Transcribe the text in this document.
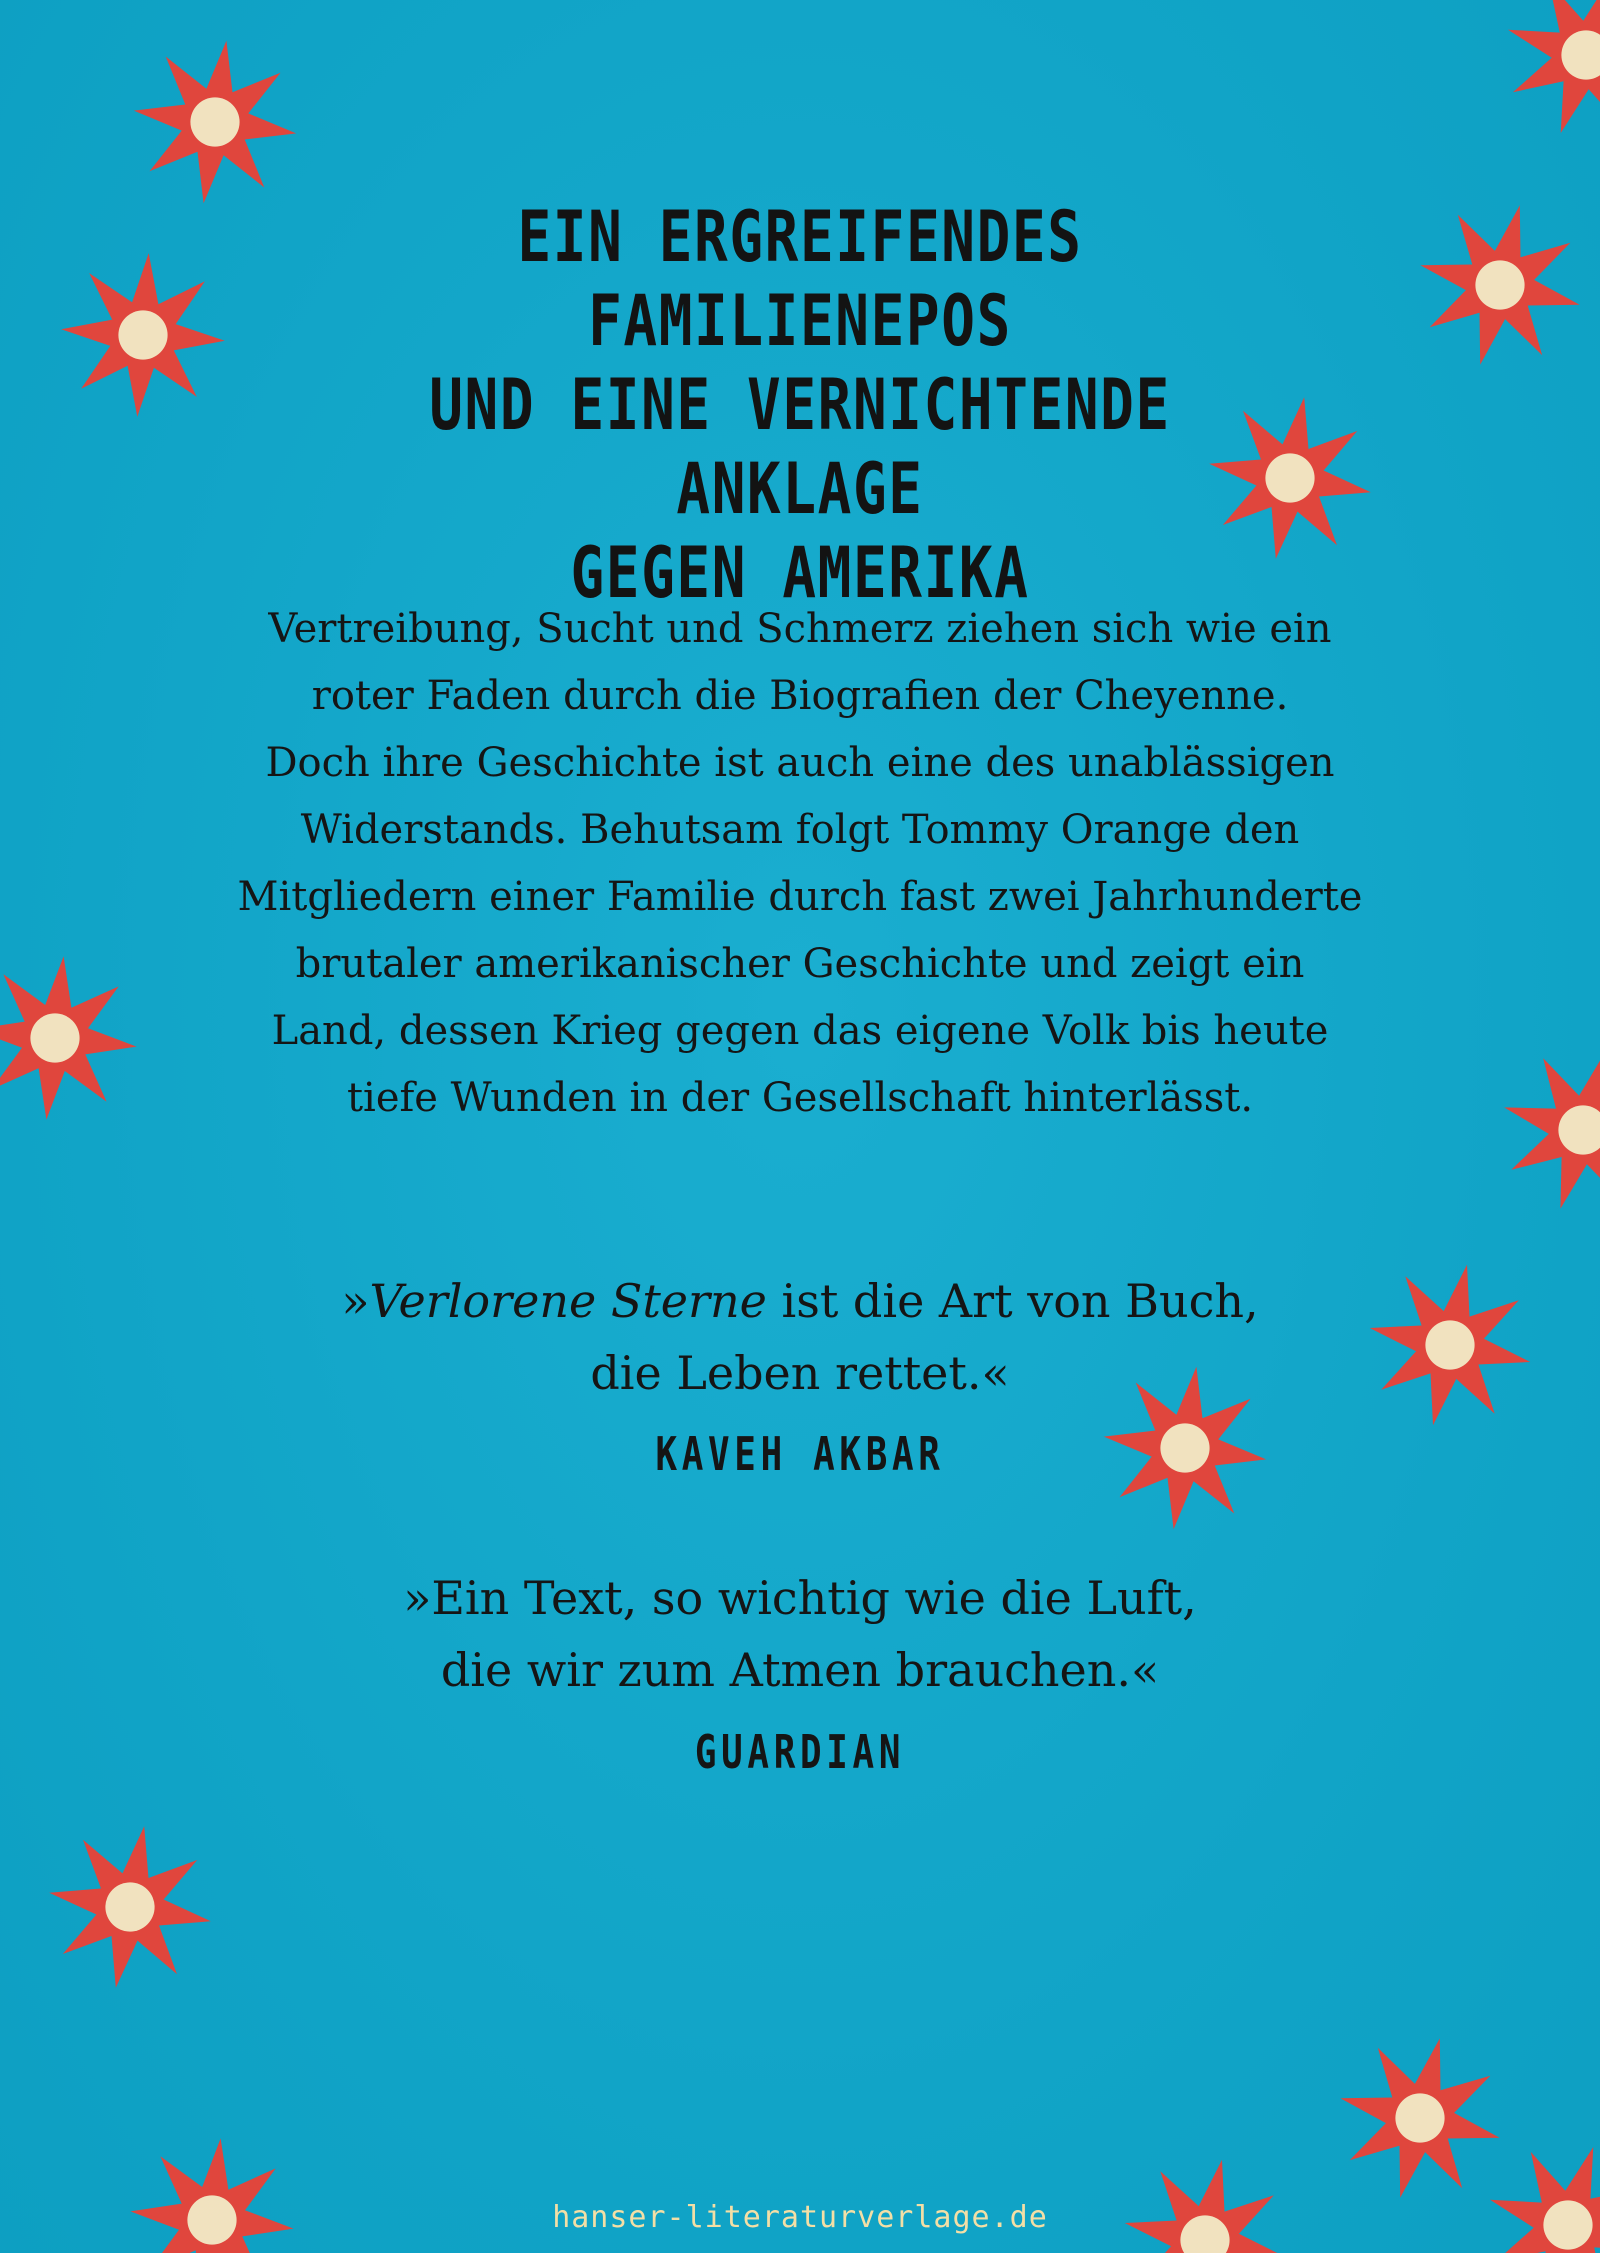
EIN ERGREIFENDES FAMILIENEPOS
UND EINE VERNICHTENDE ANKLAGE
GEGEN AMERIKA

Vertreibung, Sucht und Schmerz ziehen sich wie ein
roter Faden durch die Biografien der Cheyenne.
Doch ihre Geschichte ist auch eine des unablässigen
Widerstands. Behutsam folgt Tommy Orange den
Mitgliedern einer Familie durch fast zwei Jahrhunderte
brutaler amerikanischer Geschichte und zeigt ein
Land, dessen Krieg gegen das eigene Volk bis heute
tiefe Wunden in der Gesellschaft hinterlässt.

»Verlorene Sterne ist die Art von Buch,
die Leben rettet.«

KAVEH AKBAR

»Ein Text, so wichtig wie die Luft,
die wir zum Atmen brauchen.«

GUARDIAN

hanser-literaturverlage.de
